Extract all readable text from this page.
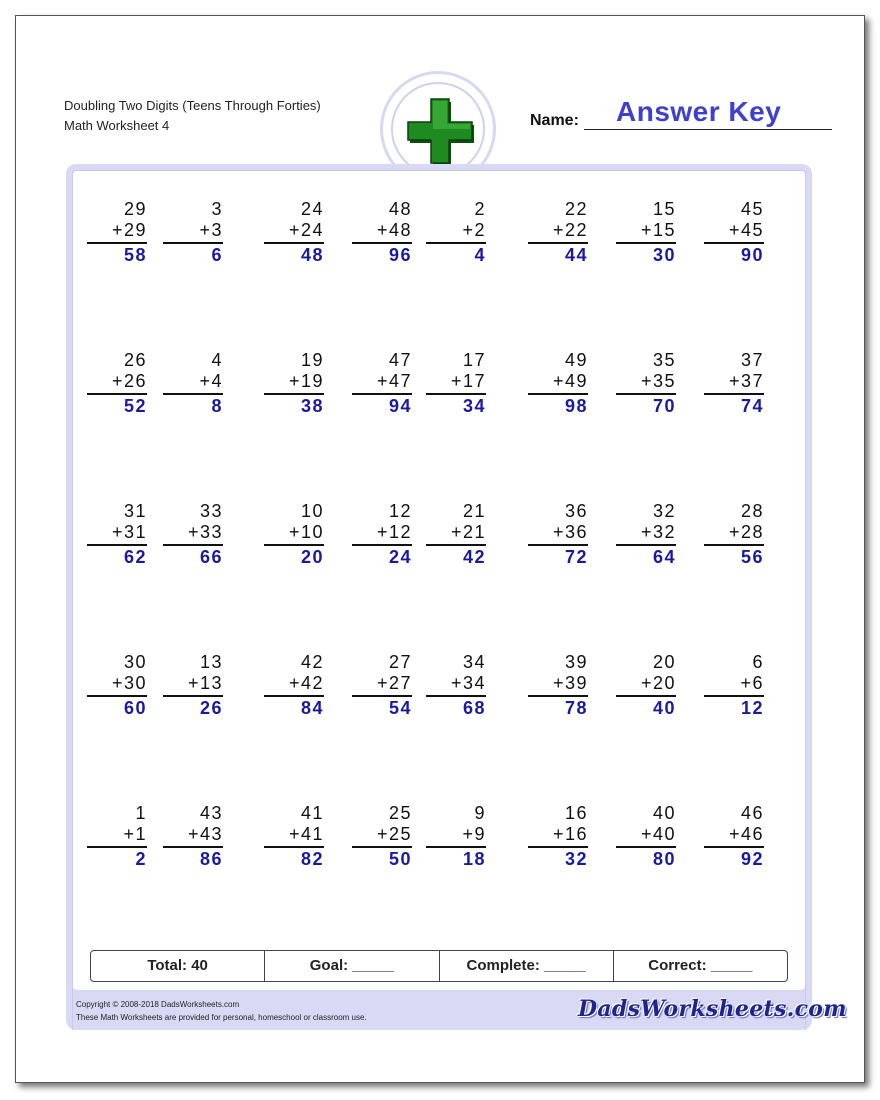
Doubling Two Digits (Teens Through Forties)
Math Worksheet 4	Name: Answer Key
29
+29
58
3
+3
6
24
+24
48
48
+48
96
2
+2
4
22
+22
44
15
+15
30
45
+45
90
26
+26
52
4
+4
8
19
+19
38
47
+47
94
17
+17
34
49
+49
98
35
+35
70
37
+37
74
31
+31
62
33
+33
66
10
+10
20
12
+12
24
21
+21
42
36
+36
72
32
+32
64
28
+28
56
30
+30
60
13
+13
26
42
+42
84
27
+27
54
34
+34
68
39
+39
78
20
+20
40
6
+6
12
1
+1
2
43
+43
86
41
+41
82
25
+25
50
9
+9
18
16
+16
32
40
+40
80
46
+46
92
Total: 40	Goal: _____	Complete: _____	Correct: _____
Copyright © 2008-2018 DadsWorksheets.com
These Math Worksheets are provided for personal, homeschool or classroom use.	DadsWorksheets.com
